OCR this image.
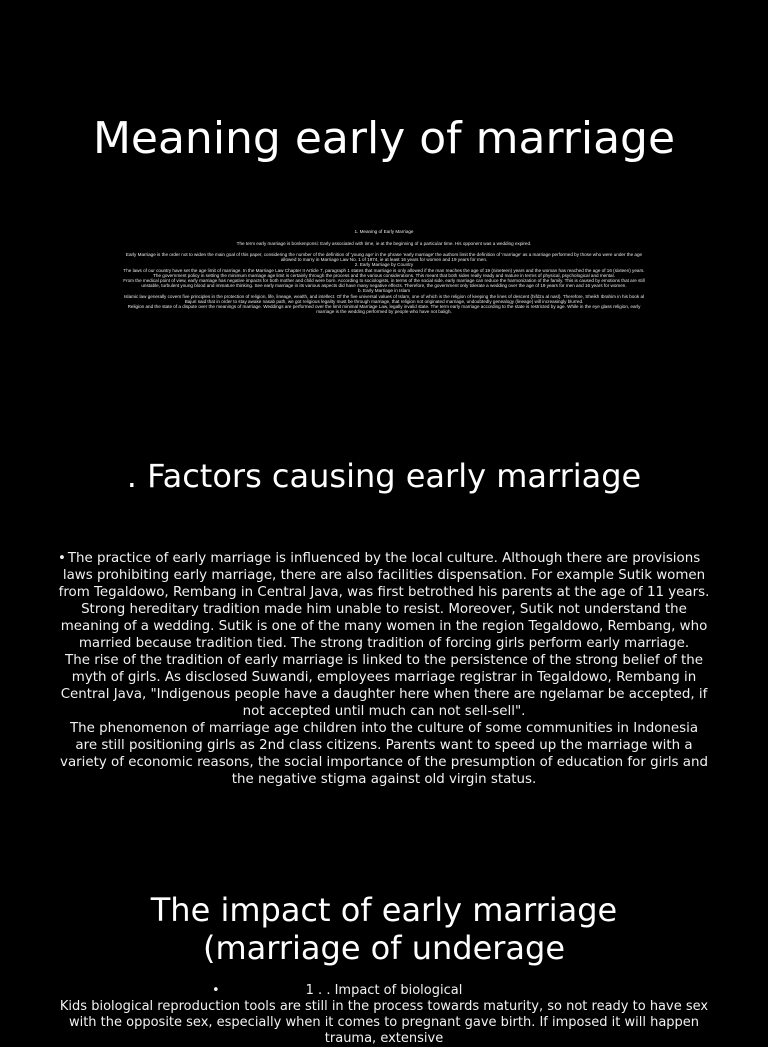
Meaning early of marriage

1. Meaning of Early Marriage

The term early marriage is bonkenponsi: Early associated with time, ie at the beginning of a particular time. His opponent was a wedding expired.

Early Marriage is the order not to widen the main goal of this paper, considering the number of the definition of 'young age' in the phrase 'early marriage' the authors limit the definition of 'marriage' as a marriage performed by those who were under the age
allowed to marry in Marriage Law No. 1 of 1974, ie at least 16 years for women and 19 years for men.
2. Early Marriage by Country
The laws of our country have set the age limit of marriage. In the Marriage Law Chapter II Article 7, paragraph 1 states that marriage is only allowed if the man reaches the age of 19 (nineteen) years and the woman has reached the age of 16 (sixteen) years.
The government policy in setting the minimum marriage age limit is certainly through the process and the various considerations. This meant that both sides really ready and mature in terms of physical, psychological and mental.
From the medical point of view, early marriage has negative impacts for both mother and child were born. According to sociologists, in terms of the social side, early marriage can reduce the harmonization of the family. This is caused by emotions that are still
unstable, turbulent young blood and immature thinking. See early marriage in its various aspects did have many negative effects. Therefore, the government only tolerate a wedding over the age of 19 years for men and 16 years for women.
b. Early Marriage in Islam
Islamic law generally covers five principles in the protection of religion, life, lineage, wealth, and intellect. Of the five universal values of Islam, one of which is the religion of keeping the lines of descent (hifdzu al nasl). Therefore, Sheikh Ibrahim in his book al
Bajuri said that in order to stay awake nasab path, we got religious legality must be through marriage, that religion not originated marriage, undoubtedly genealogy (lineage) will increasingly blurred.
Religion and the state of a dispute over the meanings of marriage. Weddings are performed over the limit minimal Marriage Law, legally invalid state. The term early marriage according to the state is restricted by age. While in the eye glass religion, early
marriage is the wedding performed by people who have not baligh.
. Factors causing early marriage
• The practice of early marriage is influenced by the local culture. Although there are provisions laws prohibiting early marriage, there are also facilities dispensation. For example Sutik women from Tegaldowo, Rembang in Central Java, was first betrothed his parents at the age of 11 years. Strong hereditary tradition made him unable to resist. Moreover, Sutik not understand the meaning of a wedding. Sutik is one of the many women in the region Tegaldowo, Rembang, who married because tradition tied. The strong tradition of forcing girls perform early marriage.

The rise of the tradition of early marriage is linked to the persistence of the strong belief of the myth of girls. As disclosed Suwandi, employees marriage registrar in Tegaldowo, Rembang in Central Java, "Indigenous people have a daughter here when there are ngelamar be accepted, if not accepted until much can not sell-sell".

The phenomenon of marriage age children into the culture of some communities in Indonesia are still positioning girls as 2nd class citizens. Parents want to speed up the marriage with a variety of economic reasons, the social importance of the presumption of education for girls and the negative stigma against old virgin status.

The impact of early marriage (marriage of underage
•	1 . . Impact of biological

Kids biological reproduction tools are still in the process towards maturity, so not ready to have sex with the opposite sex, especially when it comes to pregnant gave birth. If imposed it will happen trauma, extensive
